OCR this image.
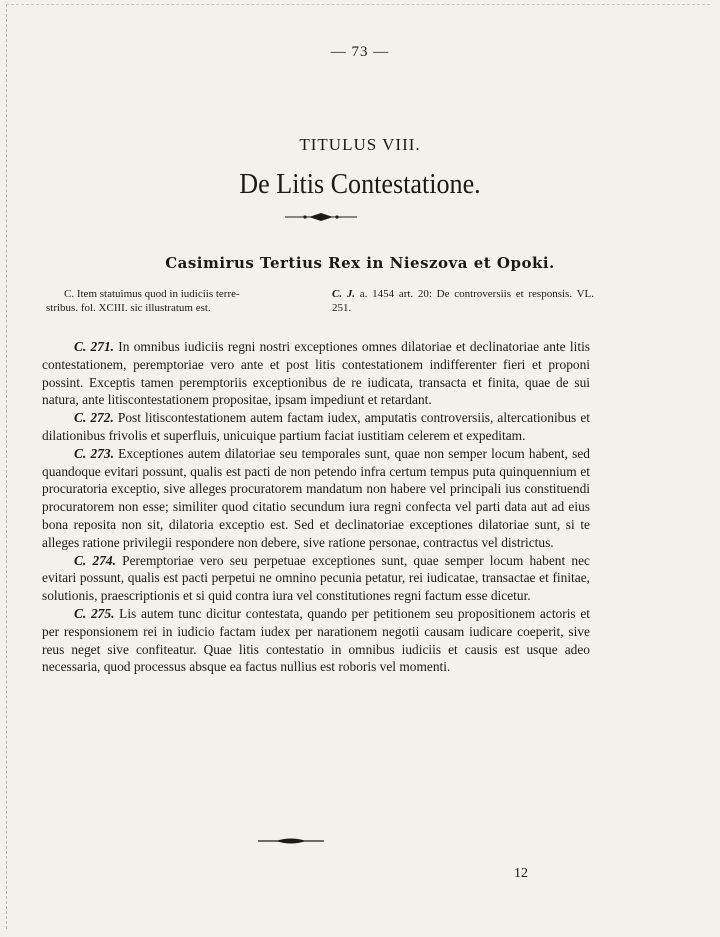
— 73 —
TITULUS VIII.
De Litis Contestatione.
Casimirus Tertius Rex in Nieszova et Opoki.
C. Item statuimus quod in iudiciis terre-
stribus. fol. XCIII. sic illustratum est.
C. J. a. 1454 art. 20: De controversiis et responsis. VL. 251.

C. 271. In omnibus iudiciis regni nostri exceptiones omnes dilatoriae et declinatoriae ante litis contestationem, peremptoriae vero ante et post litis contestationem indifferenter fieri et proponi possint. Exceptis tamen peremptoriis exceptionibus de re iudicata, transacta et finita, quae de sui natura, ante litiscontestationem propositae, ipsam impediunt et retardant.

C. 272. Post litiscontestationem autem factam iudex, amputatis controversiis, altercationibus et dilationibus frivolis et superfluis, unicuique partium faciat iustitiam celerem et expeditam.

C. 273. Exceptiones autem dilatoriae seu temporales sunt, quae non semper locum habent, sed quandoque evitari possunt, qualis est pacti de non petendo infra certum tempus puta quinquennium et procuratoria exceptio, sive alleges procuratorem mandatum non habere vel principali ius constituendi procuratorem non esse; similiter quod citatio secundum iura regni confecta vel parti data aut ad eius bona reposita non sit, dilatoria exceptio est. Sed et declinatoriae exceptiones dilatoriae sunt, si te alleges ratione privilegii respondere non debere, sive ratione personae, contractus vel districtus.

C. 274. Peremptoriae vero seu perpetuae exceptiones sunt, quae semper locum habent nec evitari possunt, qualis est pacti perpetui ne omnino pecunia petatur, rei iudicatae, transactae et finitae, solutionis, praescriptionis et si quid contra iura vel constitutiones regni factum esse dicetur.

C. 275. Lis autem tunc dicitur contestata, quando per petitionem seu propositionem actoris et per responsionem rei in iudicio factam iudex per narationem negotii causam iudicare coeperit, sive reus neget sive confiteatur. Quae litis contestatio in omnibus iudiciis et causis est usque adeo necessaria, quod processus absque ea factus nullius est roboris vel momenti.

12
